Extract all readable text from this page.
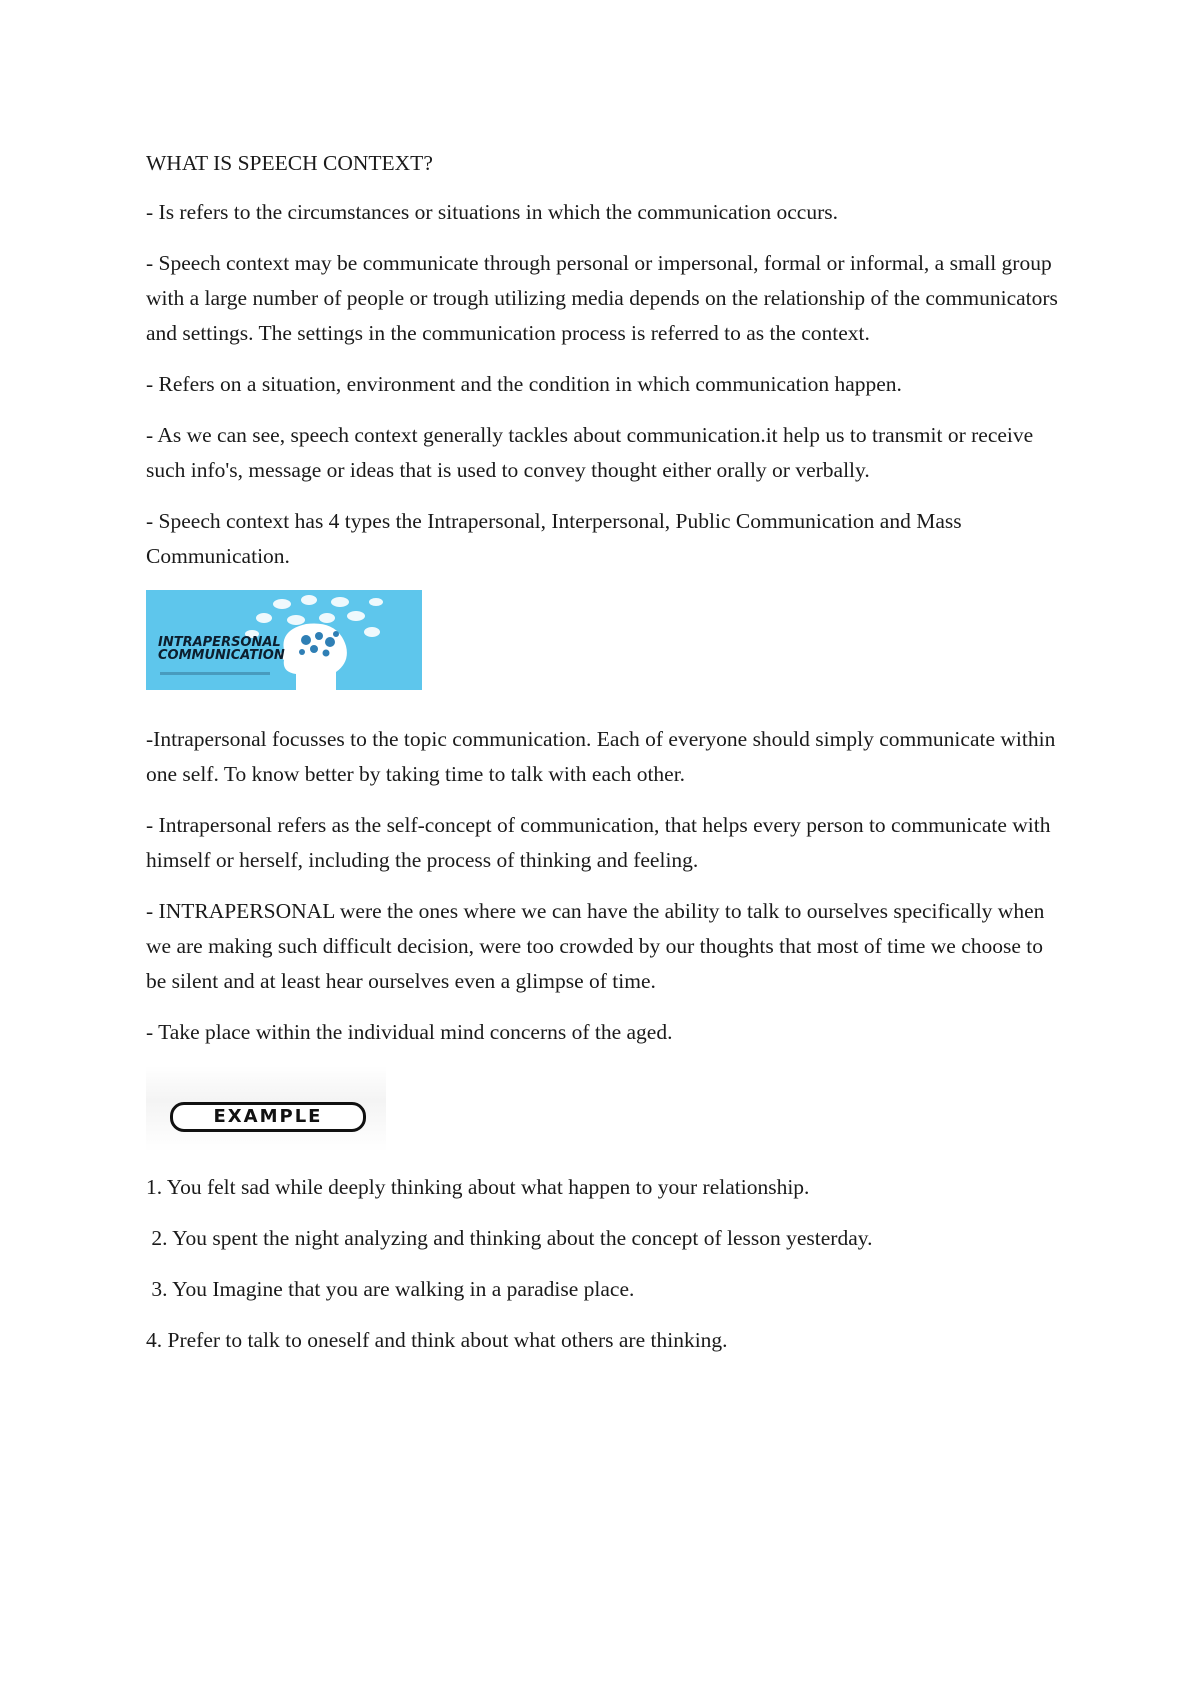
WHAT IS SPEECH CONTEXT?

- Is refers to the circumstances or situations in which the communication occurs.

- Speech context may be communicate through personal or impersonal, formal or informal, a small group with a large number of people or trough utilizing media depends on the relationship of the communicators and settings. The settings in the communication process is referred to as the context.

- Refers on a situation, environment and the condition in which communication happen.

- As we can see, speech context generally tackles about communication.it help us to transmit or receive such info's, message or ideas that is used to convey thought either orally or verbally.

- Speech context has 4 types the Intrapersonal, Interpersonal, Public Communication and Mass Communication.

INTRAPERSONAL
COMMUNICATION

-Intrapersonal focusses to the topic communication. Each of everyone should simply communicate within one self. To know better by taking time to talk with each other.

- Intrapersonal refers as the self-concept of communication, that helps every person to communicate with himself or herself, including the process of thinking and feeling.

- INTRAPERSONAL were the ones where we can have the ability to talk to ourselves specifically when we are making such difficult decision, were too crowded by our thoughts that most of time we choose to be silent and at least hear ourselves even a glimpse of time.

- Take place within the individual mind concerns of the aged.

EXAMPLE

1. You felt sad while deeply thinking about what happen to your relationship.

2. You spent the night analyzing and thinking about the concept of lesson yesterday.

3. You Imagine that you are walking in a paradise place.

4. Prefer to talk to oneself and think about what others are thinking.
